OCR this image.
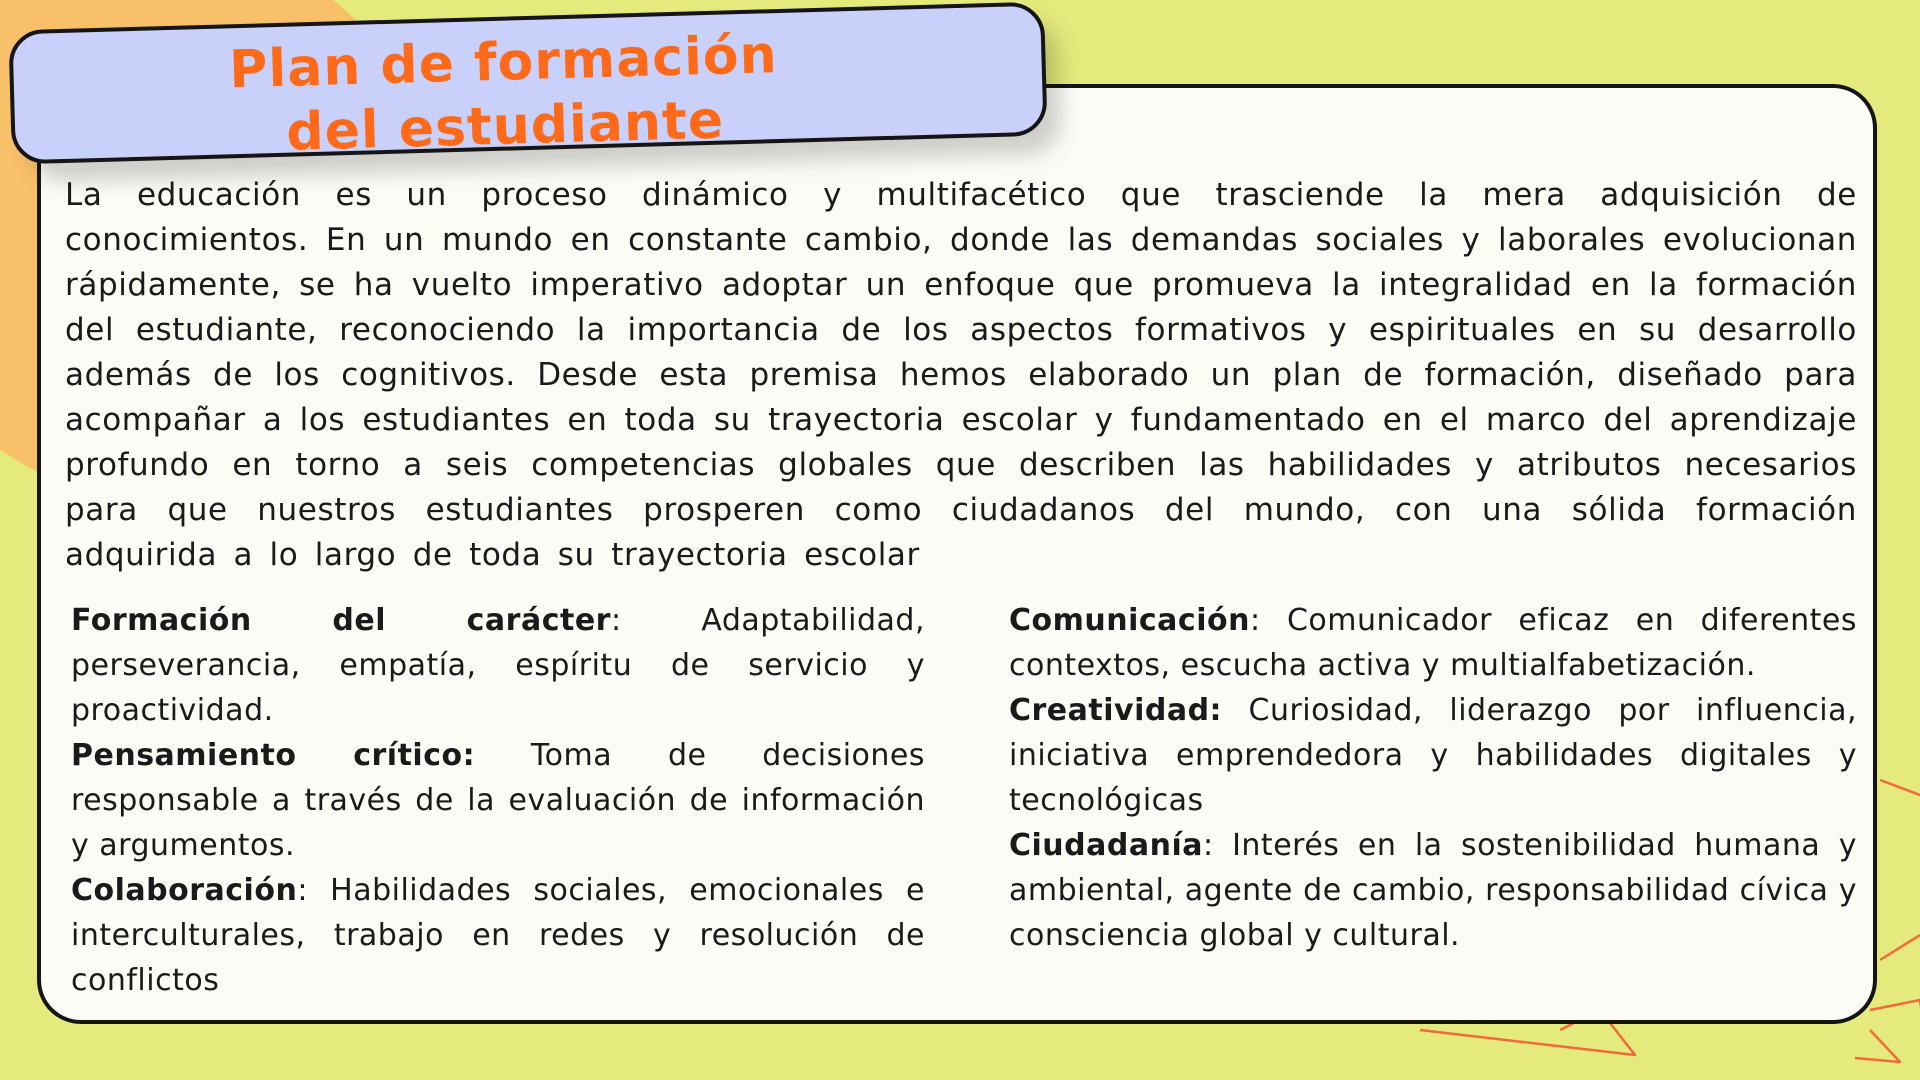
Plan de formación
del estudiante

La educación es un proceso dinámico y multifacético que trasciende la mera adquisición de conocimientos. En un mundo en constante cambio, donde las demandas sociales y laborales evolucionan rápidamente, se ha vuelto imperativo adoptar un enfoque que promueva la integralidad en la formación del estudiante, reconociendo la importancia de los aspectos formativos y espirituales en su desarrollo además de los cognitivos. Desde esta premisa hemos elaborado un plan de formación, diseñado para acompañar a los estudiantes en toda su trayectoria escolar y fundamentado en el marco del aprendizaje profundo en torno a seis competencias globales que describen las habilidades y atributos necesarios para que nuestros estudiantes prosperen como ciudadanos del mundo, con una sólida formación adquirida a lo largo de toda su trayectoria escolar

Formación del carácter: Adaptabilidad, perseverancia, empatía, espíritu de servicio y proactividad.

Pensamiento crítico: Toma de decisiones responsable a través de la evaluación de información y argumentos.

Colaboración: Habilidades sociales, emocionales e interculturales, trabajo en redes y resolución de conflictos

Comunicación: Comunicador eficaz en diferentes contextos, escucha activa y multialfabetización.

Creatividad: Curiosidad, liderazgo por influencia, iniciativa emprendedora y habilidades digitales y tecnológicas

Ciudadanía: Interés en la sostenibilidad humana y ambiental, agente de cambio, responsabilidad cívica y consciencia global y cultural.
